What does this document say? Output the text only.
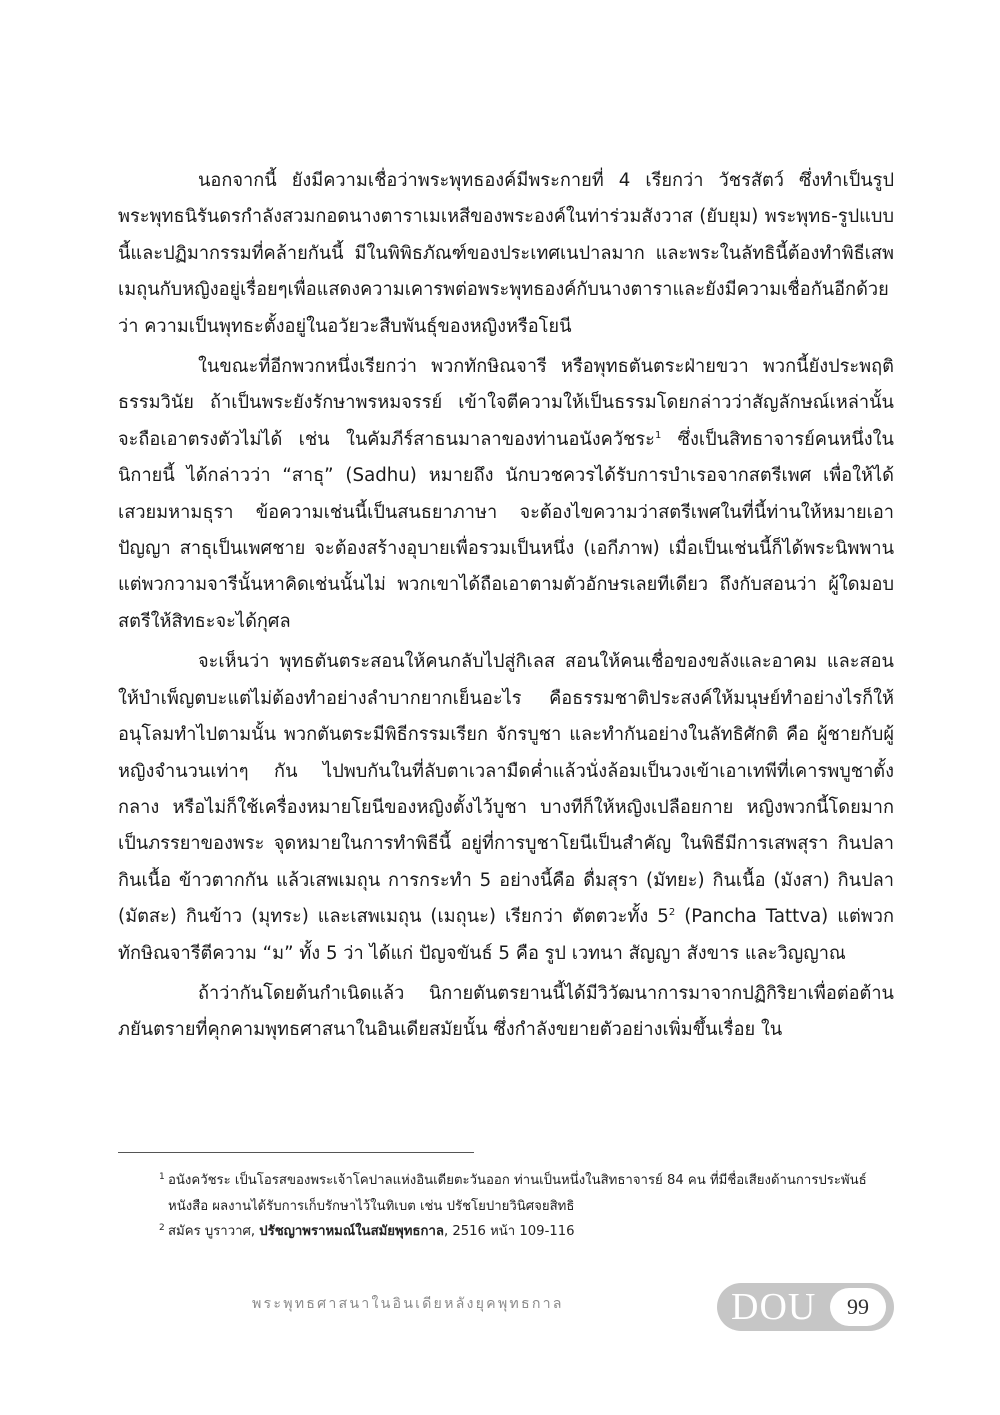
นอกจากนี้ ยังมีความเชื่อว่าพระพุทธองค์มีพระกายที่ 4 เรียกว่า วัชรสัตว์ ซึ่งทำเป็นรูปพระพุทธนิรันดรกำลังสวมกอดนางตาราเมเหสีของพระองค์ในท่าร่วมสังวาส (ยับยุม) พระพุทธ-รูปแบบนี้และปฏิมากรรมที่คล้ายกันนี้ มีในพิพิธภัณฑ์ของประเทศเนปาลมาก และพระในลัทธินี้ต้องทำพิธีเสพเมถุนกับหญิงอยู่เรื่อยๆเพื่อแสดงความเคารพต่อพระพุทธองค์กับนางตาราและยังมีความเชื่อกันอีกด้วยว่า ความเป็นพุทธะตั้งอยู่ในอวัยวะสืบพันธุ์ของหญิงหรือโยนี

ในขณะที่อีกพวกหนึ่งเรียกว่า พวกทักษิณจารี หรือพุทธตันตระฝ่ายขวา พวกนี้ยังประพฤติธรรมวินัย ถ้าเป็นพระยังรักษาพรหมจรรย์ เข้าใจตีความให้เป็นธรรมโดยกล่าวว่าสัญลักษณ์เหล่านั้น จะถือเอาตรงตัวไม่ได้ เช่น ในคัมภีร์สาธนมาลาของท่านอนังควัชระ$^1$ ซึ่งเป็นสิทธาจารย์คนหนึ่งในนิกายนี้ ได้กล่าวว่า “สาธุ” (Sadhu) หมายถึง นักบวชควรได้รับการบำเรอจากสตรีเพศ เพื่อให้ได้เสวยมหามธุรา ข้อความเช่นนี้เป็นสนธยาภาษา จะต้องไขความว่าสตรีเพศในที่นี้ท่านให้หมายเอาปัญญา สาธุเป็นเพศชาย จะต้องสร้างอุบายเพื่อรวมเป็นหนึ่ง (เอกีภาพ) เมื่อเป็นเช่นนี้ก็ได้พระนิพพาน แต่พวกวามจารีนั้นหาคิดเช่นนั้นไม่ พวกเขาได้ถือเอาตามตัวอักษรเลยทีเดียว ถึงกับสอนว่า ผู้ใดมอบสตรีให้สิทธะจะได้กุศล

จะเห็นว่า พุทธตันตระสอนให้คนกลับไปสู่กิเลส สอนให้คนเชื่อของขลังและอาคม และสอนให้บำเพ็ญตบะแต่ไม่ต้องทำอย่างลำบากยากเย็นอะไร คือธรรมชาติประสงค์ให้มนุษย์ทำอย่างไรก็ให้อนุโลมทำไปตามนั้น พวกตันตระมีพิธีกรรมเรียก จักรบูชา และทำกันอย่างในลัทธิศักติ คือ ผู้ชายกับผู้หญิงจำนวนเท่าๆ กัน ไปพบกันในที่ลับตาเวลามืดค่ำแล้วนั่งล้อมเป็นวงเข้าเอาเทพีที่เคารพบูชาตั้งกลาง หรือไม่ก็ใช้เครื่องหมายโยนีของหญิงตั้งไว้บูชา บางทีก็ให้หญิงเปลือยกาย หญิงพวกนี้โดยมากเป็นภรรยาของพระ จุดหมายในการทำพิธีนี้ อยู่ที่การบูชาโยนีเป็นสำคัญ ในพิธีมีการเสพสุรา กินปลา กินเนื้อ ข้าวตากกัน แล้วเสพเมถุน การกระทำ 5 อย่างนี้คือ ดื่มสุรา (มัทยะ) กินเนื้อ (มังสา) กินปลา (มัตสะ) กินข้าว (มุทระ) และเสพเมถุน (เมถุนะ) เรียกว่า ตัตตวะทั้ง $5^2$ (Pancha Tattva) แต่พวกทักษิณจารีตีความ “ม” ทั้ง 5 ว่า ได้แก่ ปัญจขันธ์ 5 คือ รูป เวทนา สัญญา สังขาร และวิญญาณ

ถ้าว่ากันโดยต้นกำเนิดแล้ว นิกายตันตรยานนี้ได้มีวิวัฒนาการมาจากปฏิกิริยาเพื่อต่อต้านภยันตรายที่คุกคามพุทธศาสนาในอินเดียสมัยนั้น ซึ่งกำลังขยายตัวอย่างเพิ่มขึ้นเรื่อย ใน

1 อนังควัชระ เป็นโอรสของพระเจ้าโคปาลแห่งอินเดียตะวันออก ท่านเป็นหนึ่งในสิทธาจารย์ 84 คน ที่มีชื่อเสียงด้านการประพันธ์หนังสือ ผลงานได้รับการเก็บรักษาไว้ในทิเบต เช่น ปรัชโยปายวินิศจยสิทธิ

2 สมัคร บูราวาศ, ปรัชญาพราหมณ์ในสมัยพุทธกาล, 2516 หน้า 109-116

พระพุทธศาสนาในอินเดียหลังยุคพุทธกาล	DOU 99
